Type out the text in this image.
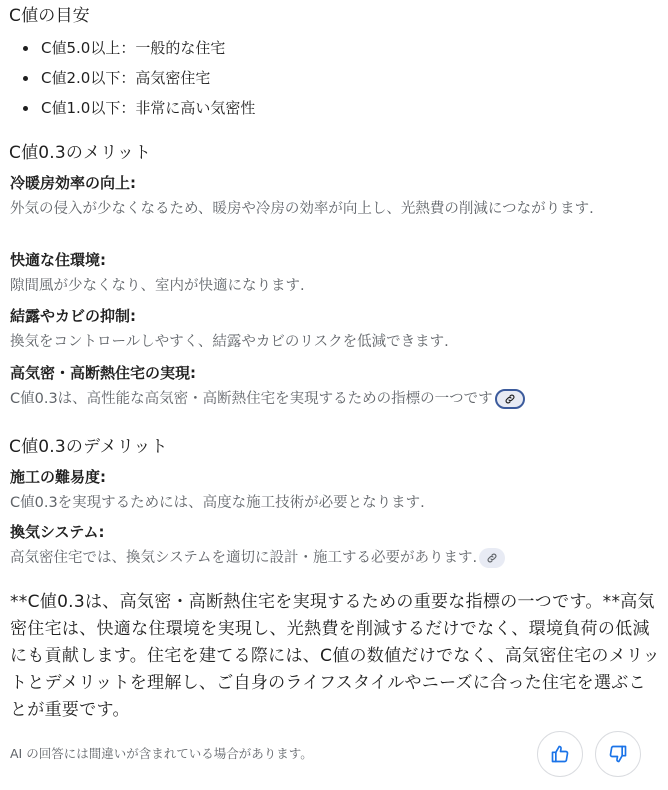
C値の目安
• C値5.0以上：一般的な住宅
• C値2.0以下：高気密住宅
• C値1.0以下：非常に高い気密性
C値0.3のメリット

冷暖房効率の向上:

外気の侵入が少なくなるため、暖房や冷房の効率が向上し、光熱費の削減につながります.

快適な住環境:

隙間風が少なくなり、室内が快適になります.

結露やカビの抑制:

換気をコントロールしやすく、結露やカビのリスクを低減できます.

高気密・高断熱住宅の実現:

C値0.3は、高性能な高気密・高断熱住宅を実現するための指標の一つです

C値0.3のデメリット

施工の難易度:

C値0.3を実現するためには、高度な施工技術が必要となります.

換気システム:

高気密住宅では、換気システムを適切に設計・施工する必要があります.

**C値0.3は、高気密・高断熱住宅を実現するための重要な指標の一つです。**高気密住宅は、快適な住環境を実現し、光熱費を削減するだけでなく、環境負荷の低減にも貢献します。住宅を建てる際には、C値の数値だけでなく、高気密住宅のメリットとデメリットを理解し、ご自身のライフスタイルやニーズに合った住宅を選ぶことが重要です。
AI の回答には間違いが含まれている場合があります。
